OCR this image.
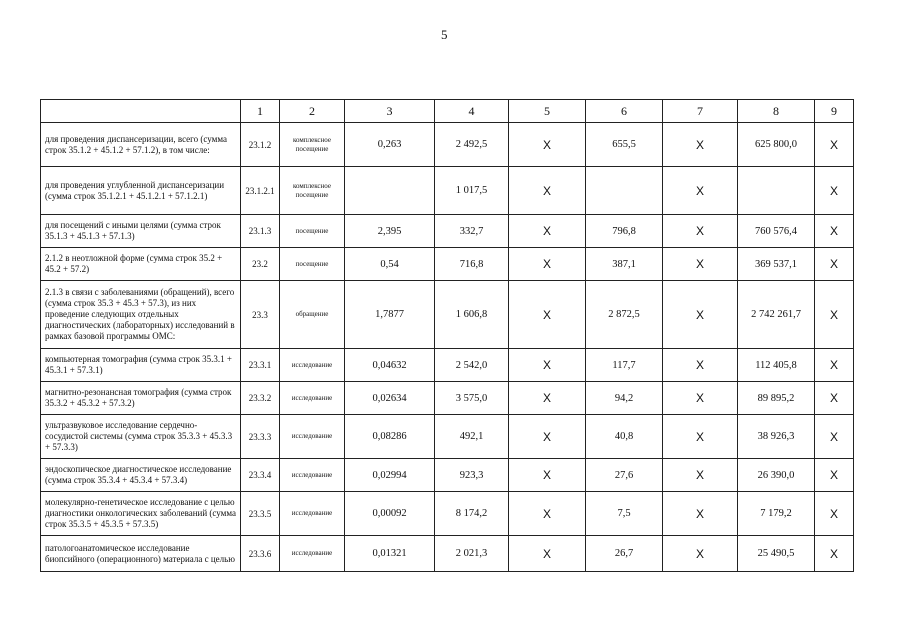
5
	1	2	3	4	5	6	7	8	9
для проведения диспансеризации, всего (сумма строк 35.1.2 + 45.1.2 + 57.1.2), в том числе:	23.1.2	комплексное посещение	0,263	2 492,5	X	655,5	X	625 800,0	X
для проведения углубленной диспансеризации (сумма строк 35.1.2.1 + 45.1.2.1 + 57.1.2.1)	23.1.2.1	комплексное посещение		1 017,5	X		X		X
для посещений с иными целями (сумма строк 35.1.3 + 45.1.3 + 57.1.3)	23.1.3	посещение	2,395	332,7	X	796,8	X	760 576,4	X
2.1.2 в неотложной форме (сумма строк 35.2 + 45.2 + 57.2)	23.2	посещение	0,54	716,8	X	387,1	X	369 537,1	X
2.1.3 в связи с заболеваниями (обращений), всего (сумма строк 35.3 + 45.3 + 57.3), из них проведение следующих отдельных диагностических (лабораторных) исследований в рамках базовой программы ОМС:	23.3	обращение	1,7877	1 606,8	X	2 872,5	X	2 742 261,7	X
компьютерная томография (сумма строк 35.3.1 + 45.3.1 + 57.3.1)	23.3.1	исследование	0,04632	2 542,0	X	117,7	X	112 405,8	X
магнитно-резонансная томография (сумма строк 35.3.2 + 45.3.2 + 57.3.2)	23.3.2	исследование	0,02634	3 575,0	X	94,2	X	89 895,2	X
ультразвуковое исследование сердечно-сосудистой системы (сумма строк 35.3.3 + 45.3.3 + 57.3.3)	23.3.3	исследование	0,08286	492,1	X	40,8	X	38 926,3	X
эндоскопическое диагностическое исследование (сумма строк 35.3.4 + 45.3.4 + 57.3.4)	23.3.4	исследование	0,02994	923,3	X	27,6	X	26 390,0	X
молекулярно-генетическое исследование с целью диагностики онкологических заболеваний (сумма строк 35.3.5 + 45.3.5 + 57.3.5)	23.3.5	исследование	0,00092	8 174,2	X	7,5	X	7 179,2	X
патологоанатомическое исследование биопсийного (операционного) материала с целью	23.3.6	исследование	0,01321	2 021,3	X	26,7	X	25 490,5	X
